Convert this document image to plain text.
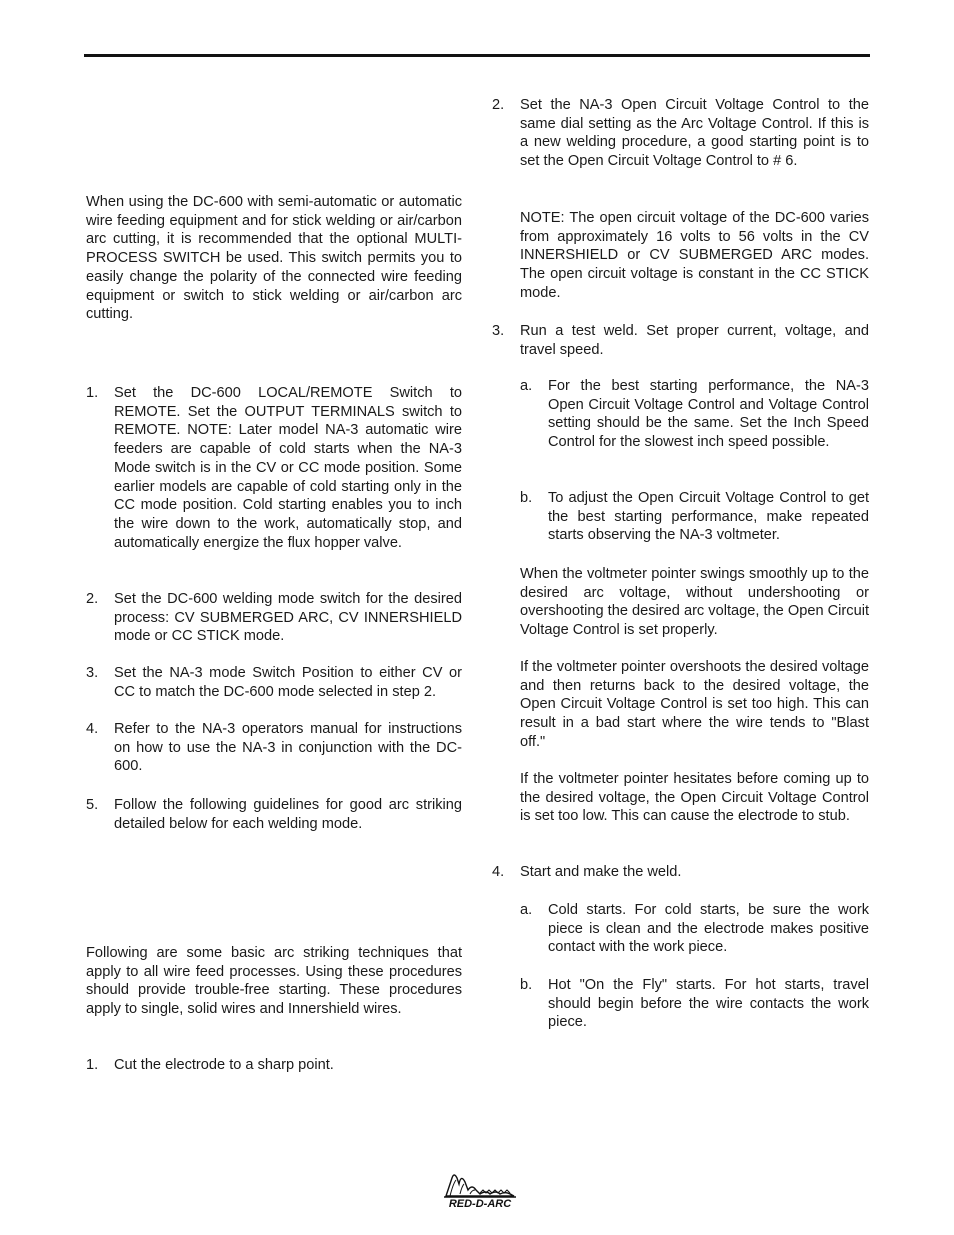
When using the DC-600 with semi-automatic or automatic wire feeding equipment and for stick welding or air/carbon arc cutting, it is recommended that the optional MULTI-PROCESS SWITCH be used. This switch permits you to easily change the polarity of the connected wire feeding equipment or switch to stick welding or air/carbon arc cutting.

1. Set the DC-600 LOCAL/REMOTE Switch to REMOTE. Set the OUTPUT TERMINALS switch to REMOTE. NOTE: Later model NA-3 automatic wire feeders are capable of cold starts when the NA-3 Mode switch is in the CV or CC mode position. Some earlier models are capable of cold starting only in the CC mode position. Cold starting enables you to inch the wire down to the work, automatically stop, and automatically energize the flux hopper valve.
2. Set the DC-600 welding mode switch for the desired process: CV SUBMERGED ARC, CV INNERSHIELD mode or CC STICK mode.
3. Set the NA-3 mode Switch Position to either CV or CC to match the DC-600 mode selected in step 2.
4. Refer to the NA-3 operators manual for instructions on how to use the NA-3 in conjunction with the DC-600.
5. Follow the following guidelines for good arc striking detailed below for each welding mode.

Following are some basic arc striking techniques that apply to all wire feed processes. Using these procedures should provide trouble-free starting. These procedures apply to single, solid wires and Innershield wires.

1. Cut the electrode to a sharp point.
2. Set the NA-3 Open Circuit Voltage Control to the same dial setting as the Arc Voltage Control. If this is a new welding procedure, a good starting point is to set the Open Circuit Voltage Control to # 6.
NOTE: The open circuit voltage of the DC-600 varies from approximately 16 volts to 56 volts in the CV INNERSHIELD or CV SUBMERGED ARC modes. The open circuit voltage is constant in the CC STICK mode.
3. Run a test weld. Set proper current, voltage, and travel speed.
a. For the best starting performance, the NA-3 Open Circuit Voltage Control and Voltage Control setting should be the same. Set the Inch Speed Control for the slowest inch speed possible.
b. To adjust the Open Circuit Voltage Control to get the best starting performance, make repeated starts observing the NA-3 voltmeter.
When the voltmeter pointer swings smoothly up to the desired arc voltage, without undershooting or overshooting the desired arc voltage, the Open Circuit Voltage Control is set properly.
If the voltmeter pointer overshoots the desired voltage and then returns back to the desired voltage, the Open Circuit Voltage Control is set too high. This can result in a bad start where the wire tends to "Blast off."
If the voltmeter pointer hesitates before coming up to the desired voltage, the Open Circuit Voltage Control is set too low. This can cause the electrode to stub.
4. Start and make the weld.
a. Cold starts. For cold starts, be sure the work piece is clean and the electrode makes positive contact with the work piece.
b. Hot "On the Fly" starts. For hot starts, travel should begin before the wire contacts the work piece.
RED-D-ARC
